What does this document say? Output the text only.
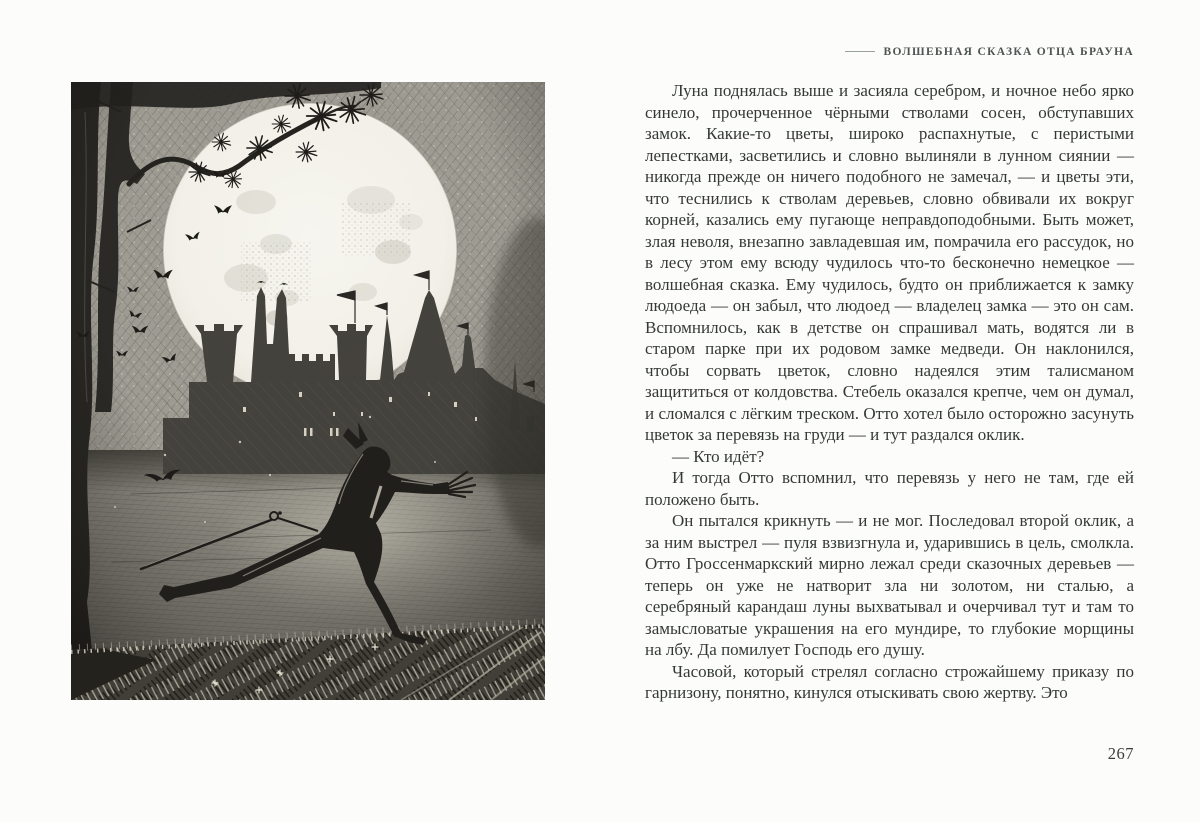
ВОЛШЕБНАЯ СКАЗКА ОТЦА БРАУНА

Луна поднялась выше и засияла серебром, и ночное небо ярко синело, прочерченное чёрными стволами сосен, обступавших замок. Какие-то цветы, широко распахнутые, с перистыми лепестками, засветились и словно вылиняли в лунном сиянии — никогда прежде он ничего подобного не замечал, — и цветы эти, что теснились к стволам деревьев, словно обвивали их вокруг корней, казались ему пугающе неправдоподобными. Быть может, злая неволя, внезапно завладевшая им, помрачила его рассудок, но в лесу этом ему всюду чудилось что-то бесконечно немецкое — волшебная сказка. Ему чудилось, будто он приближается к замку людоеда — он забыл, что людоед — владелец замка — это он сам. Вспомнилось, как в детстве он спрашивал мать, водятся ли в старом парке при их родовом замке медведи. Он наклонился, чтобы сорвать цветок, словно надеялся этим талисманом защититься от колдовства. Стебель оказался крепче, чем он думал, и сломался с лёгким треском. Отто хотел было осторожно засунуть цветок за перевязь на груди — и тут раздался оклик.

— Кто идёт?

И тогда Отто вспомнил, что перевязь у него не там, где ей положено быть.

Он пытался крикнуть — и не мог. Последовал второй оклик, а за ним выстрел — пуля взвизгнула и, ударившись в цель, смолкла. Отто Гроссенмаркский мирно лежал среди сказочных деревьев — теперь он уже не натворит зла ни золотом, ни сталью, а серебряный карандаш луны выхватывал и очерчивал тут и там то замысловатые украшения на его мундире, то глубокие морщины на лбу. Да помилует Господь его душу.

Часовой, который стрелял согласно строжайшему приказу по гарнизону, понятно, кинулся отыскивать свою жертву. Это

267
